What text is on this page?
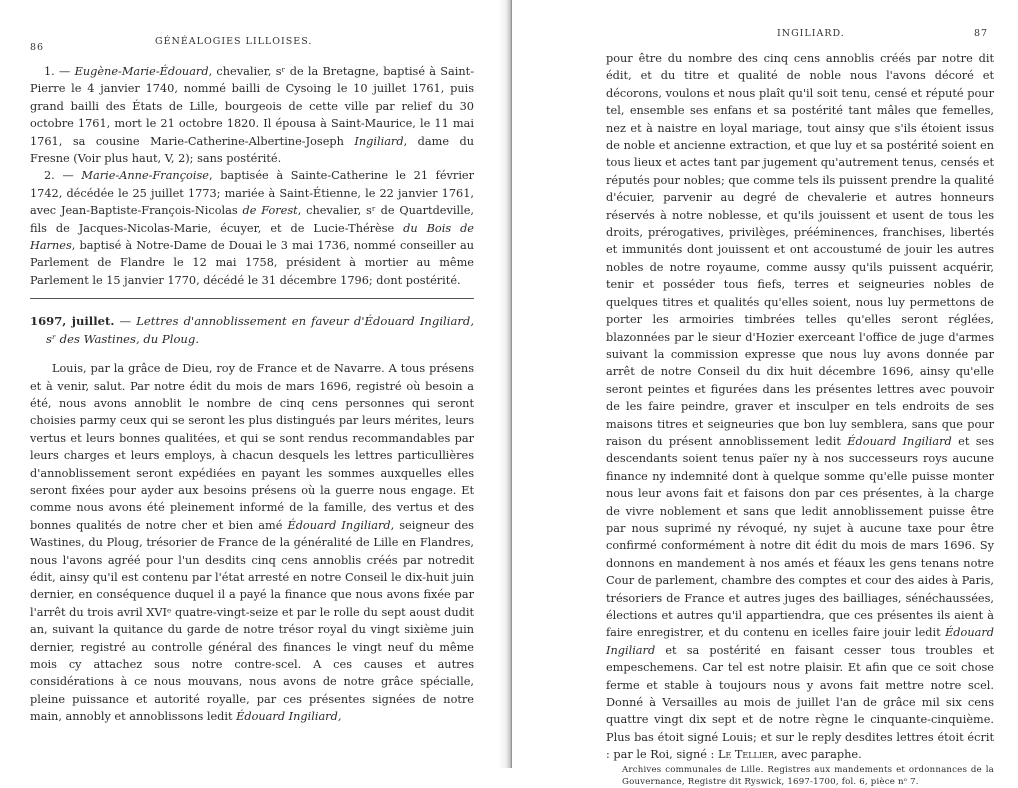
86
GÉNÉALOGIES LILLOISES.

1. — Eugène-Marie-Édouard, chevalier, sʳ de la Bretagne, baptisé à Saint-Pierre le 4 janvier 1740, nommé bailli de Cysoing le 10 juillet 1761, puis grand bailli des États de Lille, bourgeois de cette ville par relief du 30 octobre 1761, mort le 21 octobre 1820. Il épousa à Saint-Maurice, le 11 mai 1761, sa cousine Marie-Catherine-Albertine-Joseph Ingiliard, dame du Fresne (Voir plus haut, V, 2); sans postérité.

2. — Marie-Anne-Françoise, baptisée à Sainte-Catherine le 21 février 1742, décédée le 25 juillet 1773; mariée à Saint-Étienne, le 22 janvier 1761, avec Jean-Baptiste-François-Nicolas de Forest, chevalier, sʳ de Quartdeville, fils de Jacques-Nicolas-Marie, écuyer, et de Lucie-Thérèse du Bois de Harnes, baptisé à Notre-Dame de Douai le 3 mai 1736, nommé conseiller au Parlement de Flandre le 12 mai 1758, président à mortier au même Parlement le 15 janvier 1770, décédé le 31 décembre 1796; dont postérité.

1697, juillet. — Lettres d'annoblissement en faveur d'Édouard Ingiliard, sʳ des Wastines, du Ploug.

Louis, par la grâce de Dieu, roy de France et de Navarre. A tous présens et à venir, salut. Par notre édit du mois de mars 1696, registré où besoin a été, nous avons annoblit le nombre de cinq cens personnes qui seront choisies parmy ceux qui se seront les plus distingués par leurs mérites, leurs vertus et leurs bonnes qualitées, et qui se sont rendus recommandables par leurs charges et leurs employs, à chacun desquels les lettres particullières d'annoblissement seront expédiées en payant les sommes auxquelles elles seront fixées pour ayder aux besoins présens où la guerre nous engage. Et comme nous avons été pleinement informé de la famille, des vertus et des bonnes qualités de notre cher et bien amé Édouard Ingiliard, seigneur des Wastines, du Ploug, trésorier de France de la généralité de Lille en Flandres, nous l'avons agréé pour l'un desdits cinq cens annoblis créés par notredit édit, ainsy qu'il est contenu par l'état arresté en notre Conseil le dix-huit juin dernier, en conséquence duquel il a payé la finance que nous avons fixée par l'arrêt du trois avril XVIᵉ quatre-vingt-seize et par le rolle du sept aoust dudit an, suivant la quitance du garde de notre trésor royal du vingt sixième juin dernier, registré au controlle général des finances le vingt neuf du même mois cy attachez sous notre contre-scel. A ces causes et autres considérations à ce nous mouvans, nous avons de notre grâce spécialle, pleine puissance et autorité royalle, par ces présentes signées de notre main, annobly et annoblissons ledit Édouard Ingiliard,

INGILIARD.	87

pour être du nombre des cinq cens annoblis créés par notre dit édit, et du titre et qualité de noble nous l'avons décoré et décorons, voulons et nous plaît qu'il soit tenu, censé et réputé pour tel, ensemble ses enfans et sa postérité tant mâles que femelles, nez et à naistre en loyal mariage, tout ainsy que s'ils étoient issus de noble et ancienne extraction, et que luy et sa postérité soient en tous lieux et actes tant par jugement qu'autrement tenus, censés et réputés pour nobles; que comme tels ils puissent prendre la qualité d'écuier, parvenir au degré de chevalerie et autres honneurs réservés à notre noblesse, et qu'ils jouissent et usent de tous les droits, prérogatives, privilèges, prééminences, franchises, libertés et immunités dont jouissent et ont accoustumé de jouir les autres nobles de notre royaume, comme aussy qu'ils puissent acquérir, tenir et posséder tous fiefs, terres et seigneuries nobles de quelques titres et qualités qu'elles soient, nous luy permettons de porter les armoiries timbrées telles qu'elles seront réglées, blazonnées par le sieur d'Hozier exerceant l'office de juge d'armes suivant la commission expresse que nous luy avons donnée par arrêt de notre Conseil du dix huit décembre 1696, ainsy qu'elle seront peintes et figurées dans les présentes lettres avec pouvoir de les faire peindre, graver et insculper en tels endroits de ses maisons titres et seigneuries que bon luy semblera, sans que pour raison du présent annoblissement ledit Édouard Ingiliard et ses descendants soient tenus païer ny à nos successeurs roys aucune finance ny indemnité dont à quelque somme qu'elle puisse monter nous leur avons fait et faisons don par ces présentes, à la charge de vivre noblement et sans que ledit annoblissement puisse être par nous suprimé ny révoqué, ny sujet à aucune taxe pour être confirmé conformément à notre dit édit du mois de mars 1696. Sy donnons en mandement à nos amés et féaux les gens tenans notre Cour de parlement, chambre des comptes et cour des aides à Paris, trésoriers de France et autres juges des bailliages, sénéchaussées, élections et autres qu'il appartiendra, que ces présentes ils aient à faire enregistrer, et du contenu en icelles faire jouir ledit Édouard Ingiliard et sa postérité en faisant cesser tous troubles et empeschemens. Car tel est notre plaisir. Et afin que ce soit chose ferme et stable à toujours nous y avons fait mettre notre scel. Donné à Versailles au mois de juillet l'an de grâce mil six cens quattre vingt dix sept et de notre règne le cinquante-cinquième. Plus bas étoit signé Louis; et sur le reply desdites lettres étoit écrit : par le Roi, signé : Le Tellier, avec paraphe.

Archives communales de Lille. Registres aux mandements et ordonnances de la Gouvernance, Registre dit Ryswick, 1697-1700, fol. 6, pièce nᵒ 7.
